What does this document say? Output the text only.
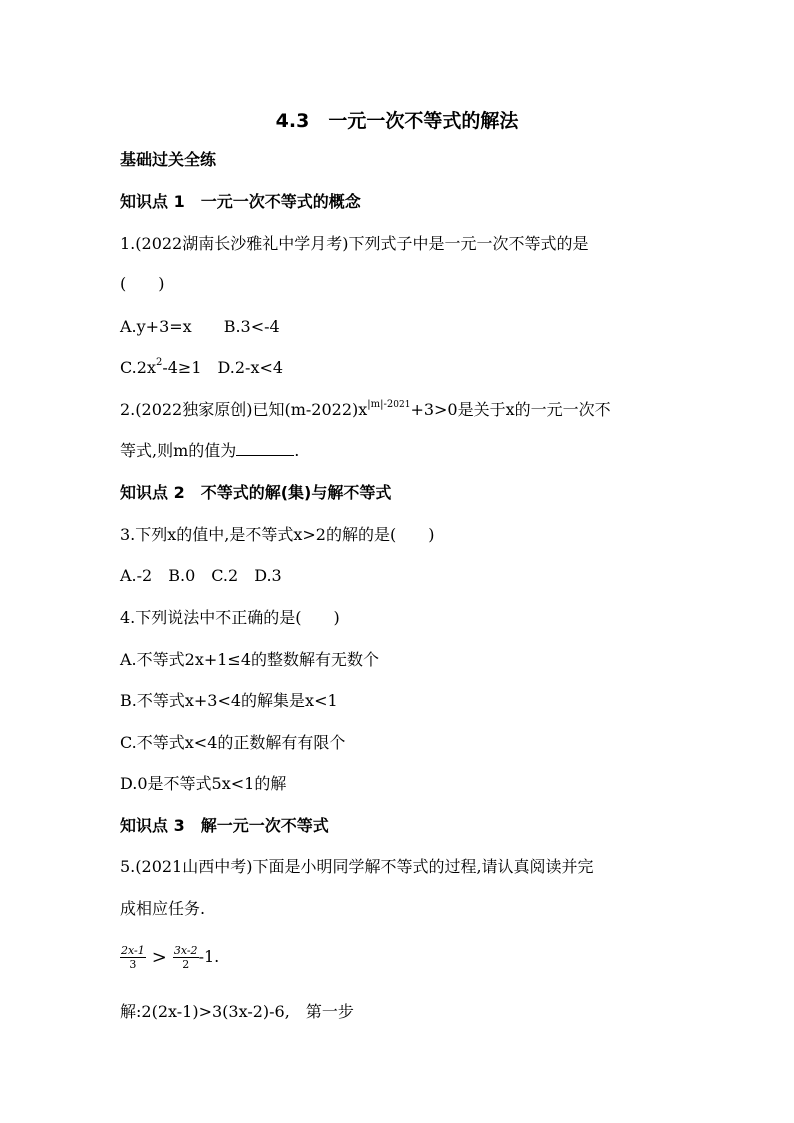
4.3　一元一次不等式的解法
基础过关全练
知识点 1　一元一次不等式的概念
1.(2022湖南长沙雅礼中学月考)下列式子中是一元一次不等式的是
(　　)
A.y+3=x　　B.3<-4
$C.2x^2-4\ge 1$　D.2-x<4
2.(2022独家原创)已知$(m-2022)x^{|m|-2021}+3>0$是关于x的一元一次不
等式,则m的值为	.
知识点 2　不等式的解(集)与解不等式
3.下列x的值中,是不等式x>2的解的是(　　)
A.-2　B.0　C.2　D.3
4.下列说法中不正确的是(　　)
A.不等式2x+1≤4的整数解有无数个
B.不等式x+3<4的解集是x<1
C.不等式x<4的正数解有有限个
D.0是不等式5x<1的解
知识点 3　解一元一次不等式
5.(2021山西中考)下面是小明同学解不等式的过程,请认真阅读并完
成相应任务.
$\frac{2x-1}{3} > \frac{3x-2}{2} -1$.
解:2(2x-1)>3(3x-2)-6,　第一步
